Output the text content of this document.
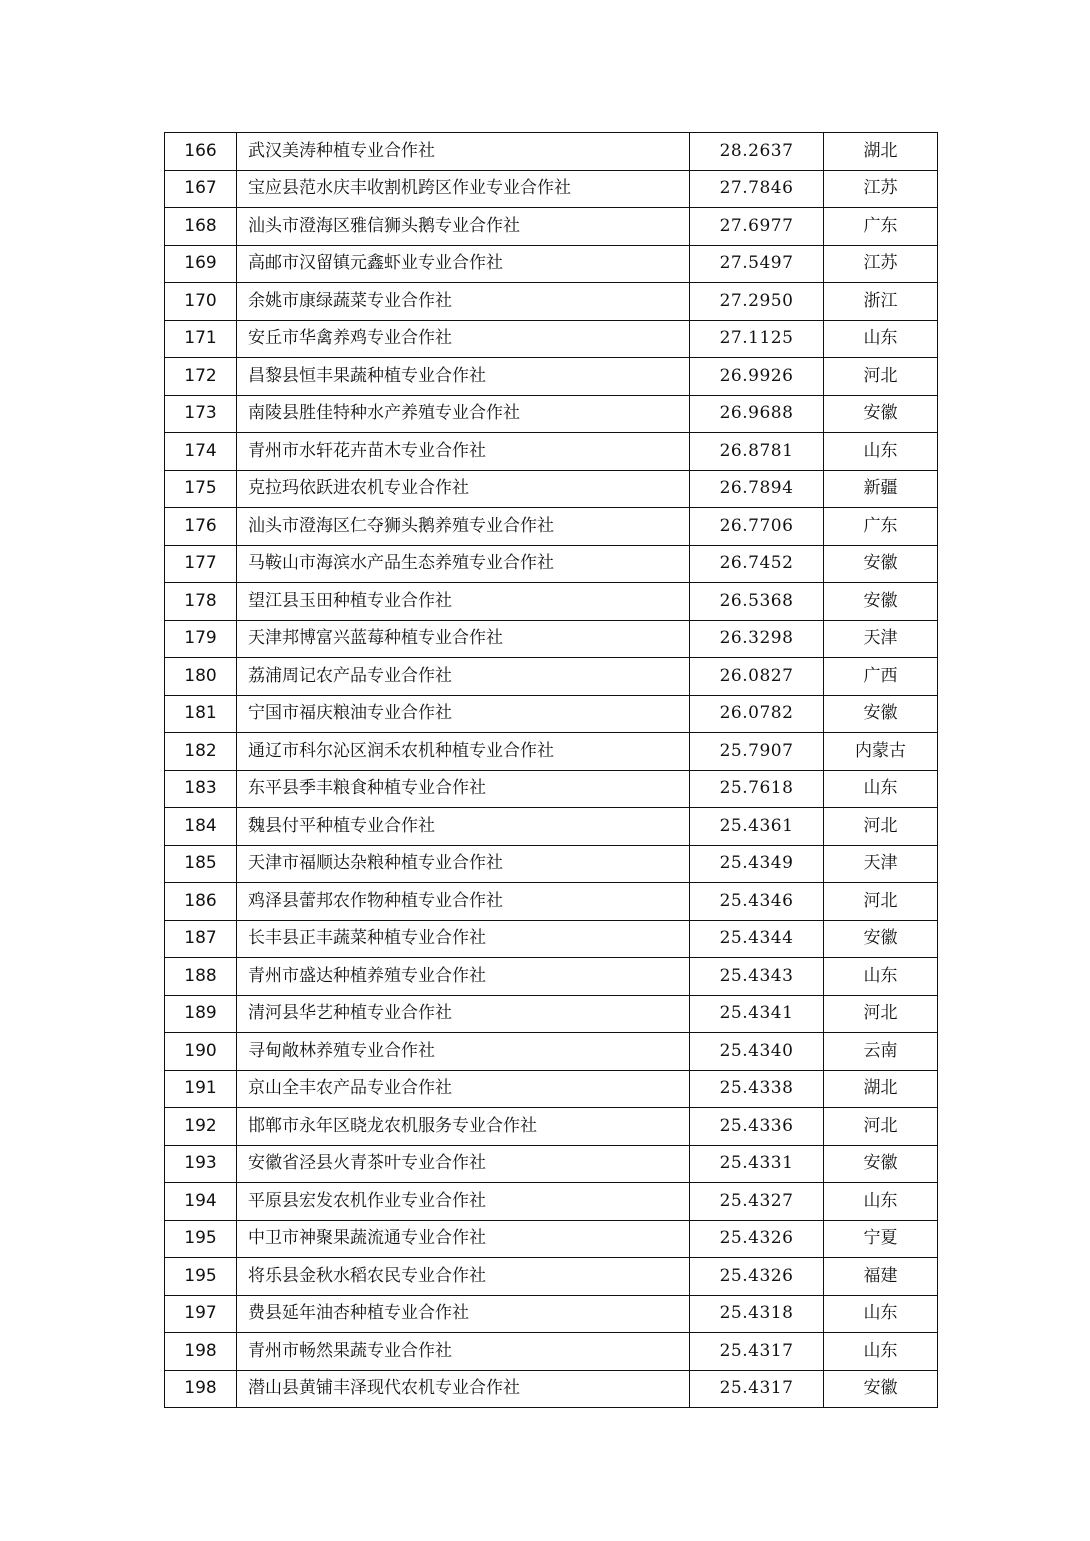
166	武汉美涛种植专业合作社	28.2637	湖北
167	宝应县范水庆丰收割机跨区作业专业合作社	27.7846	江苏
168	汕头市澄海区雅信狮头鹅专业合作社	27.6977	广东
169	高邮市汉留镇元鑫虾业专业合作社	27.5497	江苏
170	余姚市康绿蔬菜专业合作社	27.2950	浙江
171	安丘市华禽养鸡专业合作社	27.1125	山东
172	昌黎县恒丰果蔬种植专业合作社	26.9926	河北
173	南陵县胜佳特种水产养殖专业合作社	26.9688	安徽
174	青州市水轩花卉苗木专业合作社	26.8781	山东
175	克拉玛依跃进农机专业合作社	26.7894	新疆
176	汕头市澄海区仁夺狮头鹅养殖专业合作社	26.7706	广东
177	马鞍山市海滨水产品生态养殖专业合作社	26.7452	安徽
178	望江县玉田种植专业合作社	26.5368	安徽
179	天津邦博富兴蓝莓种植专业合作社	26.3298	天津
180	荔浦周记农产品专业合作社	26.0827	广西
181	宁国市福庆粮油专业合作社	26.0782	安徽
182	通辽市科尔沁区润禾农机种植专业合作社	25.7907	内蒙古
183	东平县季丰粮食种植专业合作社	25.7618	山东
184	魏县付平种植专业合作社	25.4361	河北
185	天津市福顺达杂粮种植专业合作社	25.4349	天津
186	鸡泽县蕾邦农作物种植专业合作社	25.4346	河北
187	长丰县正丰蔬菜种植专业合作社	25.4344	安徽
188	青州市盛达种植养殖专业合作社	25.4343	山东
189	清河县华艺种植专业合作社	25.4341	河北
190	寻甸敞林养殖专业合作社	25.4340	云南
191	京山全丰农产品专业合作社	25.4338	湖北
192	邯郸市永年区晓龙农机服务专业合作社	25.4336	河北
193	安徽省泾县火青茶叶专业合作社	25.4331	安徽
194	平原县宏发农机作业专业合作社	25.4327	山东
195	中卫市神聚果蔬流通专业合作社	25.4326	宁夏
195	将乐县金秋水稻农民专业合作社	25.4326	福建
197	费县延年油杏种植专业合作社	25.4318	山东
198	青州市畅然果蔬专业合作社	25.4317	山东
198	潜山县黄铺丰泽现代农机专业合作社	25.4317	安徽
